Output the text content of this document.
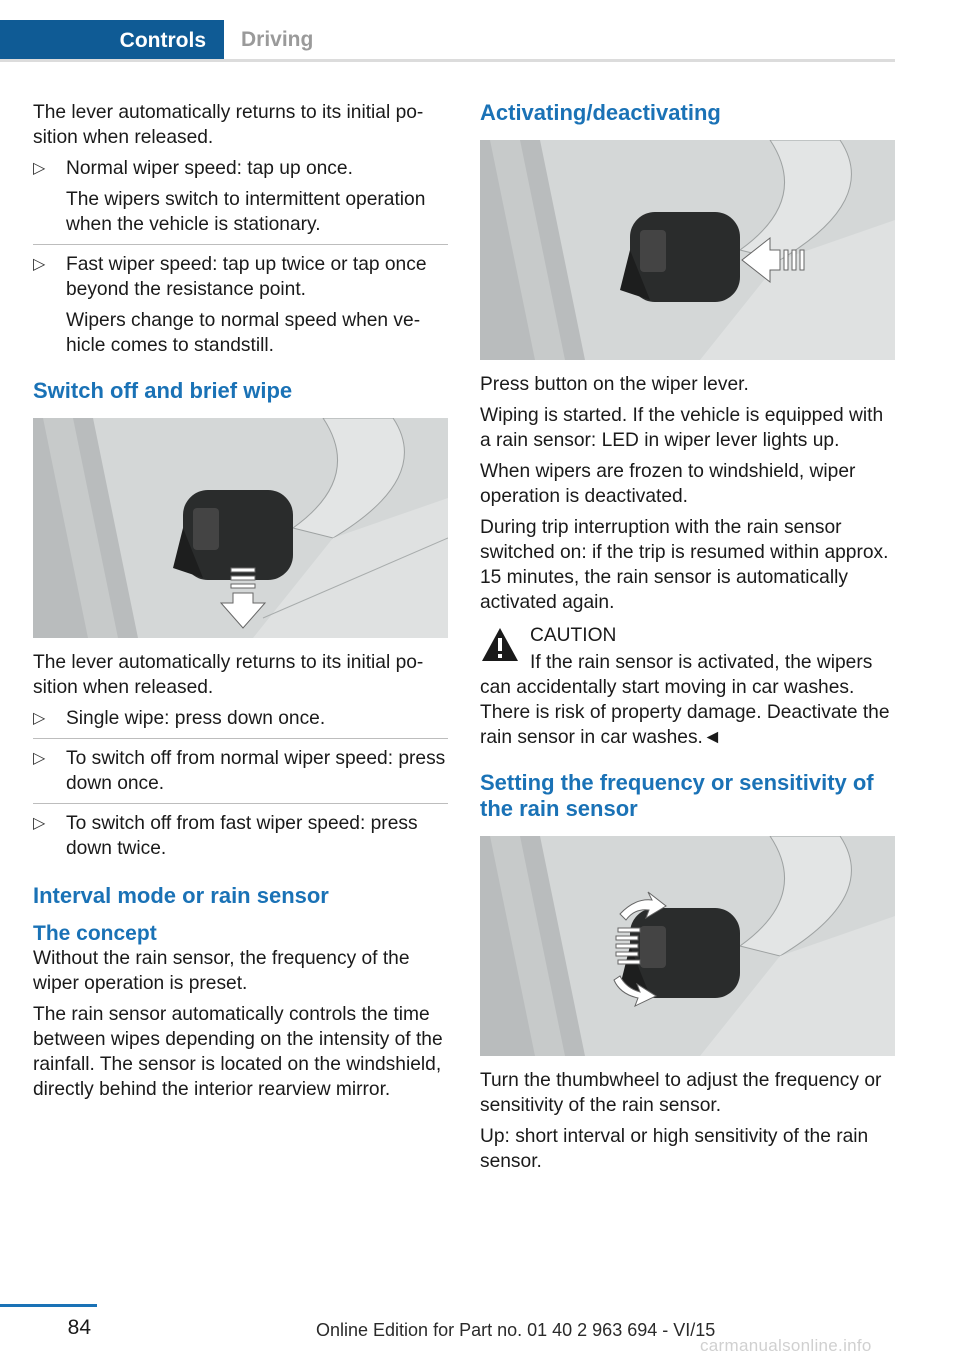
Controls	Driving

The lever automatically returns to its initial position when released.

▷ Normal wiper speed: tap up once.
The wipers switch to intermittent operation when the vehicle is stationary.
▷ Fast wiper speed: tap up twice or tap once beyond the resistance point.
Wipers change to normal speed when vehicle comes to standstill.
Switch off and brief wipe

The lever automatically returns to its initial position when released.

▷ Single wipe: press down once.
▷ To switch off from normal wiper speed: press down once.
▷ To switch off from fast wiper speed: press down twice.
Interval mode or rain sensor
The concept

Without the rain sensor, the frequency of the wiper operation is preset.

The rain sensor automatically controls the time between wipes depending on the intensity of the rainfall. The sensor is located on the windshield, directly behind the interior rearview mirror.

Activating/deactivating

Press button on the wiper lever.

Wiping is started. If the vehicle is equipped with a rain sensor: LED in wiper lever lights up.

When wipers are frozen to windshield, wiper operation is deactivated.

During trip interruption with the rain sensor switched on: if the trip is resumed within approx. 15 minutes, the rain sensor is automatically activated again.

CAUTION

If the rain sensor is activated, the wipers

can accidentally start moving in car washes. There is risk of property damage. Deactivate the rain sensor in car washes.◄

Setting the frequency or sensitivity of the rain sensor

Turn the thumbwheel to adjust the frequency or sensitivity of the rain sensor.

Up: short interval or high sensitivity of the rain sensor.

84	Online Edition for Part no. 01 40 2 963 694 - VI/15
carmanualsonline.info
